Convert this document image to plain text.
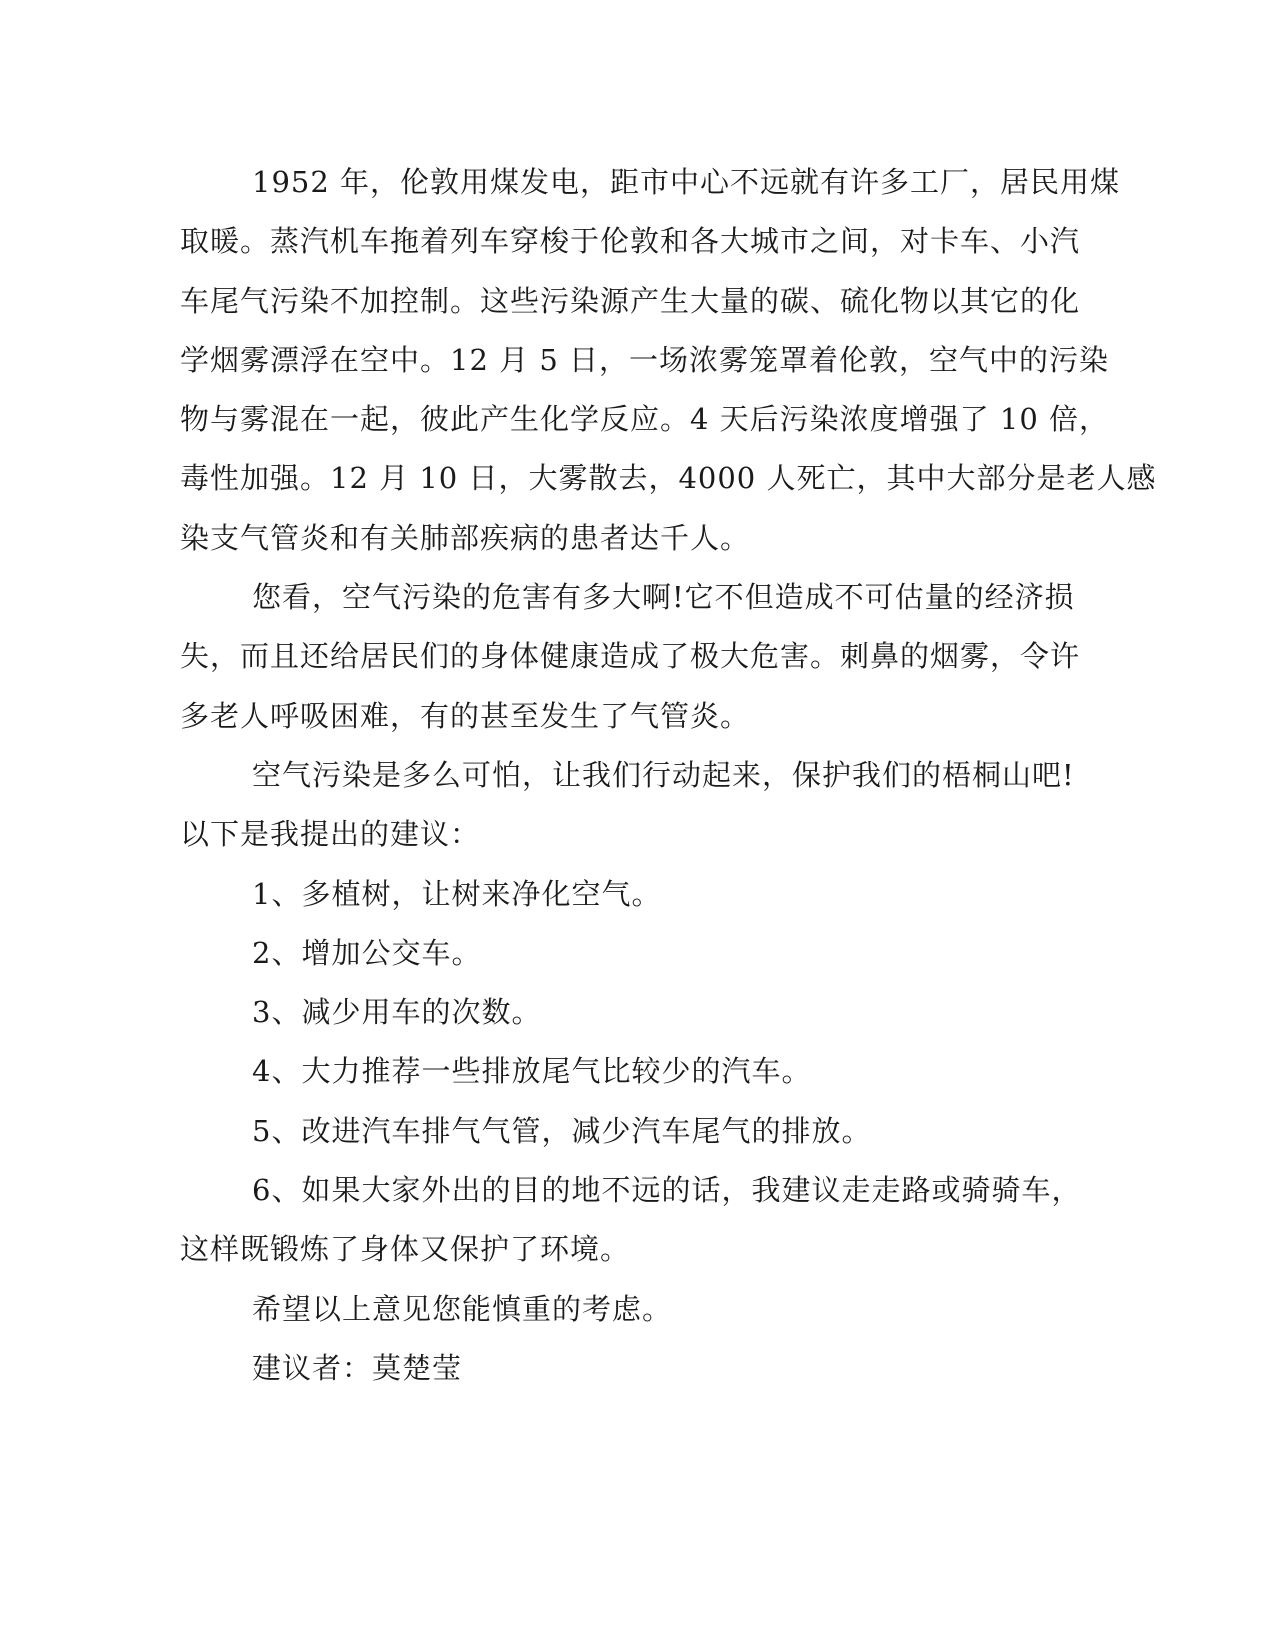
1952 年，伦敦用煤发电，距市中心不远就有许多工厂，居民用煤

取暖。蒸汽机车拖着列车穿梭于伦敦和各大城市之间，对卡车、小汽

车尾气污染不加控制。这些污染源产生大量的碳、硫化物以其它的化

学烟雾漂浮在空中。12 月 5 日，一场浓雾笼罩着伦敦，空气中的污染

物与雾混在一起，彼此产生化学反应。4 天后污染浓度增强了 10 倍，

毒性加强。12 月 10 日，大雾散去，4000 人死亡，其中大部分是老人感

染支气管炎和有关肺部疾病的患者达千人。

您看，空气污染的危害有多大啊!它不但造成不可估量的经济损

失，而且还给居民们的身体健康造成了极大危害。刺鼻的烟雾，令许

多老人呼吸困难，有的甚至发生了气管炎。

空气污染是多么可怕，让我们行动起来，保护我们的梧桐山吧!

以下是我提出的建议：

1、多植树，让树来净化空气。

2、增加公交车。

3、减少用车的次数。

4、大力推荐一些排放尾气比较少的汽车。

5、改进汽车排气气管，减少汽车尾气的排放。

6、如果大家外出的目的地不远的话，我建议走走路或骑骑车，

这样既锻炼了身体又保护了环境。

希望以上意见您能慎重的考虑。

建议者：莫楚莹
